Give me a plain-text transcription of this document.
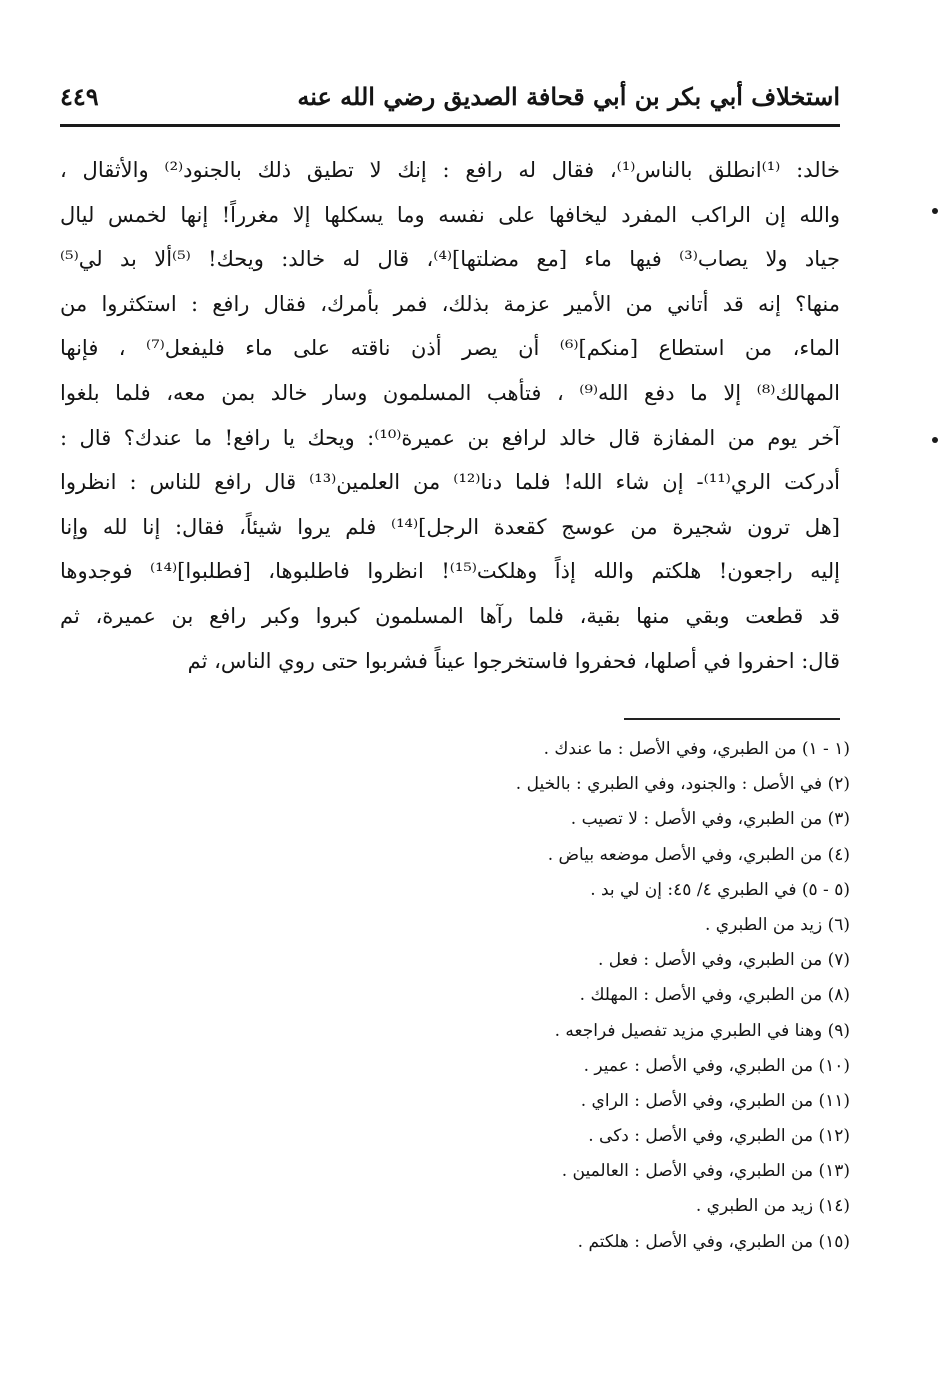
استخلاف أبي بكر بن أبي قحافة الصديق رضي الله عنه
٤٤٩
خالد: ⁽¹⁾انطلق بالناس⁽¹⁾، فقال له رافع : إنك لا تطيق ذلك بالجنود⁽²⁾ والأثقال ،
والله إن الراكب المفرد ليخافها على نفسه وما يسكلها إلا مغرراً! إنها لخمس ليال
جياد ولا يصاب⁽³⁾ فيها ماء [مع مضلتها]⁽⁴⁾، قال له خالد: ويحك! ⁽⁵⁾ألا بد لي⁽⁵⁾
منها؟ إنه قد أتاني من الأمير عزمة بذلك، فمر بأمرك، فقال رافع : استكثروا من
الماء، من استطاع [منكم]⁽⁶⁾ أن يصر أذن ناقته على ماء فليفعل⁽⁷⁾ ، فإنها
المهالك⁽⁸⁾ إلا ما دفع الله⁽⁹⁾ ، فتأهب المسلمون وسار خالد بمن معه، فلما بلغوا
آخر يوم من المفازة قال خالد لرافع بن عميرة⁽¹⁰⁾: ويحك يا رافع! ما عندك؟ قال :
أدركت الري⁽¹¹⁾- إن شاء الله! فلما دنا⁽¹²⁾ من العلمين⁽¹³⁾ قال رافع للناس : انظروا
[هل ترون شجيرة من عوسج كقعدة الرجل]⁽¹⁴⁾ فلم يروا شيئاً، فقال: إنا لله وإنا
إليه راجعون! هلكتم والله إذاً وهلكت⁽¹⁵⁾! انظروا فاطلبوها، [فطلبوا]⁽¹⁴⁾ فوجدوها
قد قطعت وبقي منها بقية، فلما رآها المسلمون كبروا وكبر رافع بن عميرة، ثم
قال: احفروا في أصلها، فحفروا فاستخرجوا عيناً فشربوا حتى روي الناس، ثم
(١ - ١) من الطبري، وفي الأصل : ما عندك .
(٢) في الأصل : والجنود، وفي الطبري : بالخيل .
(٣) من الطبري، وفي الأصل : لا تصيب .
(٤) من الطبري، وفي الأصل موضعه بياض .
(٥ - ٥) في الطبري ٤/ ٤٥: إن لي بد .
(٦) زيد من الطبري .
(٧) من الطبري، وفي الأصل : فعل .
(٨) من الطبري، وفي الأصل : المهلك .
(٩) وهنا في الطبري مزيد تفصيل فراجعه .
(١٠) من الطبري، وفي الأصل : عمير .
(١١) من الطبري، وفي الأصل : الراي .
(١٢) من الطبري، وفي الأصل : دكى .
(١٣) من الطبري، وفي الأصل : العالمين .
(١٤) زيد من الطبري .
(١٥) من الطبري، وفي الأصل : هلكتم .
